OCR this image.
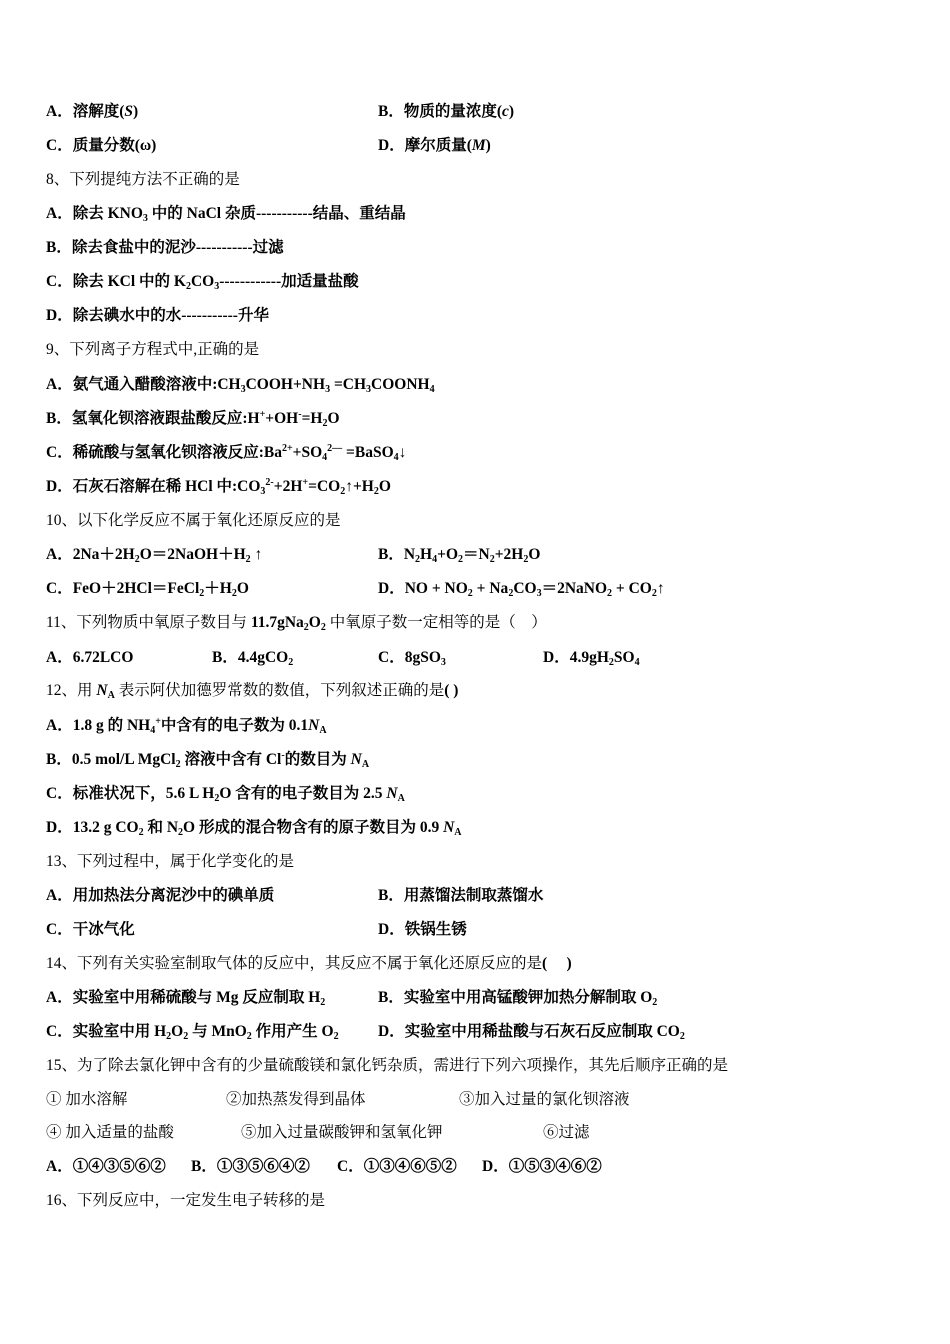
A．溶解度(S)	B．物质的量浓度(c)
C．质量分数(ω)	D．摩尔质量(M)
8、下列提纯方法不正确的是
A．除去 $KNO_3$ 中的 NaCl 杂质-----------结晶、重结晶
B．除去食盐中的泥沙-----------过滤
C．除去 KCl 中的 $K_2CO_3------------$加适量盐酸
D．除去碘水中的水-----------升华
9、下列离子方程式中,正确的是
A．氨气通入醋酸溶液中$:CH_3COOH+NH_3$ $=CH_3COONH_4$
B．氢氧化钡溶液跟盐酸反应$:H^++OH^-=H_2O$
C．稀硫酸与氢氧化钡溶液反应$:Ba^{2+}+SO_4^{2—}$ =BaSO$_4$↓
D．石灰石溶解在稀 HCl 中$:CO_3^{2-}+2H^+=CO_2↑+H_2O$
10、以下化学反应不属于氧化还原反应的是
A．$2Na+2H_2O=2NaOH+H_2$ ↑	B．$N_2H_4+O_2=N_2+2H_2O$
C．$FeO+2HCl=FeCl_2+H_2O$	D．NO + $NO_2$ + $Na_2CO_3=2NaNO_2$ + $CO_2↑$
11、下列物质中氧原子数目与 $11.7gNa_2O_2$ 中氧原子数一定相等的是（　）
A．6.72LCO	B．4.4gCO$_2$	C．8gSO$_3$	D．$4.9gH_2SO_4$
12、用 $N_A$ 表示阿伏加德罗常数的数值，下列叙述正确的是( )
A．1.8 g 的 $NH_4^+$中含有的电子数为 $0.1N_A$
B．0.5 mol/L MgCl$_2$ 溶液中含有 Cl-的数目为 $N_A$
C．标准状况下，5.6 L $H_2O$ 含有的电子数目为 2.5 $N_A$
D．13.2 g $CO_2$ 和 $N_2O$ 形成的混合物含有的原子数目为 0.9 $N_A$
13、下列过程中，属于化学变化的是
A．用加热法分离泥沙中的碘单质	B．用蒸馏法制取蒸馏水
C．干冰气化	D．铁锅生锈
14、下列有关实验室制取气体的反应中，其反应不属于氧化还原反应的是(　 )
A．实验室中用稀硫酸与 Mg 反应制取 $H_2$	B．实验室中用高锰酸钾加热分解制取 $O_2$
C．实验室中用 $H_2O_2$ 与 MnO$_2$ 作用产生 $O_2$	D．实验室中用稀盐酸与石灰石反应制取 $CO_2$
15、为了除去氯化钾中含有的少量硫酸镁和氯化钙杂质，需进行下列六项操作，其先后顺序正确的是
① 加水溶解	②加热蒸发得到晶体	③加入过量的氯化钡溶液
④ 加入适量的盐酸	⑤加入过量碳酸钾和氢氧化钾	⑥过滤
A．①④③⑤⑥② B．①③⑤⑥④② C．①③④⑥⑤② D．①⑤③④⑥②
16、下列反应中，一定发生电子转移的是
